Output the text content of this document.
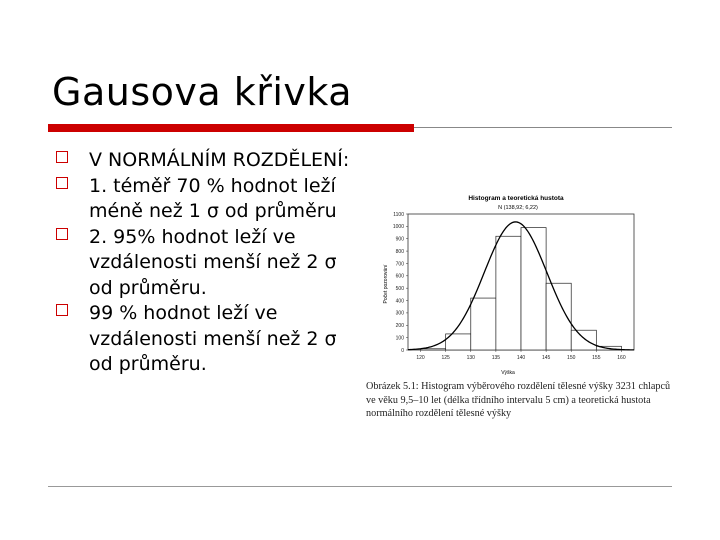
Gausova křivka
V NORMÁLNÍM ROZDĚLENÍ:
1. téměř 70 % hodnot leží méně než 1 σ od průměru
2. 95% hodnot leží ve vzdálenosti menší než 2 σ od průměru.
99 % hodnot leží ve vzdálenosti menší než 2 σ od průměru.
Histogram a teoretická hustota
N (138,92; 6,22)
Počet pozorování
Výška
0
100
200
300
400
500
600
700
800
900
1000
1100
120	125	130	135	140	145	150	155	160
Obrázek 5.1: Histogram výběrového rozdělení tělesné výšky 3231 chlapců ve věku 9,5–10 let (délka třídního intervalu 5 cm) a teoretická hustota normálního rozdělení tělesné výšky
